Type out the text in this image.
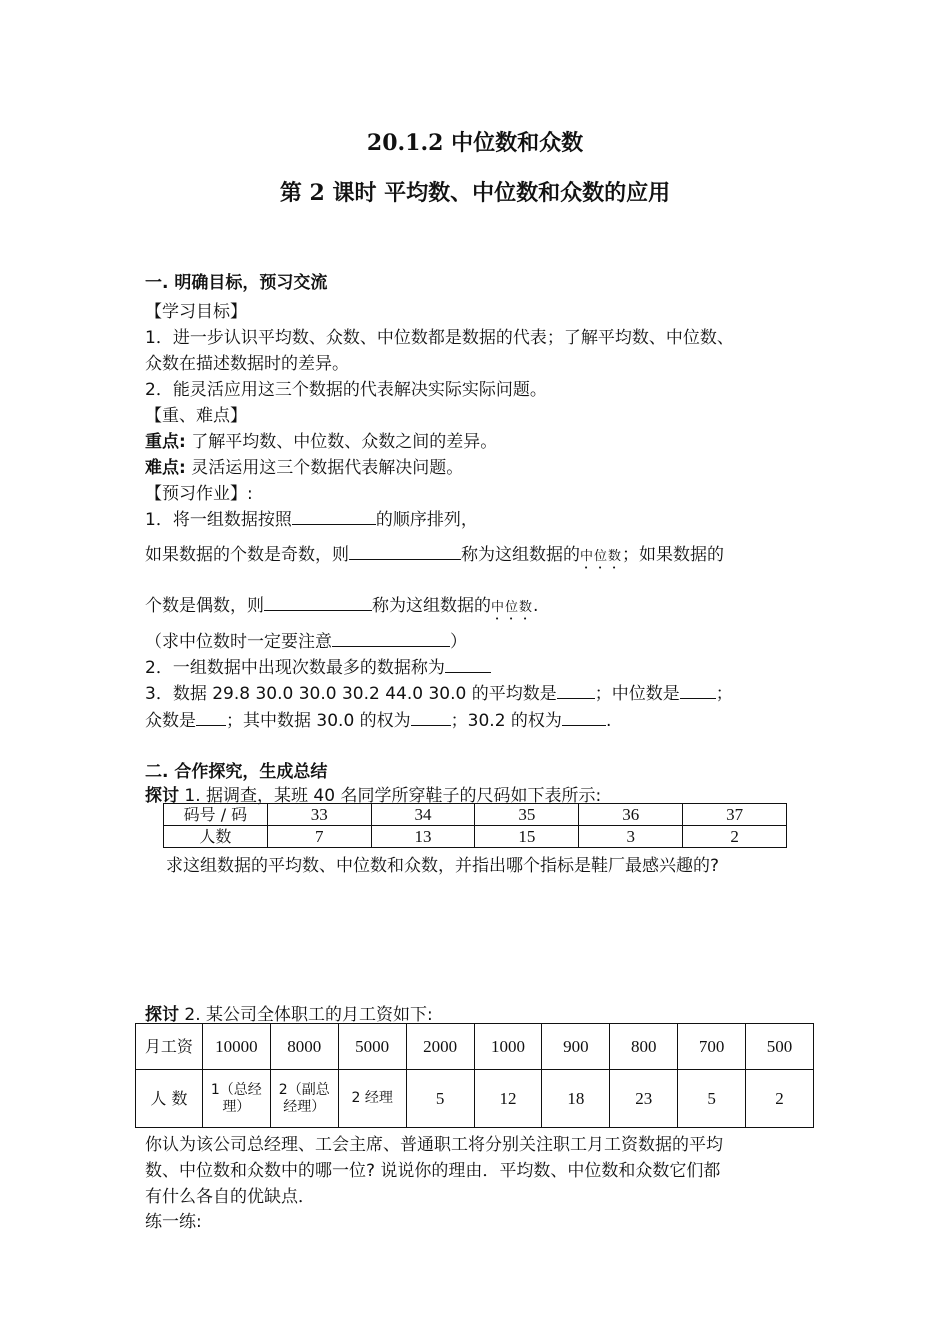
20.1.2 中位数和众数
第 2 课时 平均数、中位数和众数的应用
一. 明确目标，预习交流
【学习目标】
1．进一步认识平均数、众数、中位数都是数据的代表；了解平均数、中位数、
众数在描述数据时的差异。
2．能灵活应用这三个数据的代表解决实际实际问题。
【重、难点】
重点: 了解平均数、中位数、众数之间的差异。
难点: 灵活运用这三个数据代表解决问题。
【预习作业】:
1．将一组数据按照	的顺序排列，
如果数据的个数是奇数，则	称为这组数据的中位数；如果数据的
个数是偶数，则	称为这组数据的中位数.
（求中位数时一定要注意	）
2．一组数据中出现次数最多的数据称为
3．数据 29.8 30.0 30.0 30.2 44.0 30.0 的平均数是 ；中位数是 ；
众数是 ；其中数据 30.0 的权为 ；30.2 的权为	.
二. 合作探究，生成总结
探讨 1. 据调查，某班 40 名同学所穿鞋子的尺码如下表所示:
码号 / 码	33	34	35	36	37
人数	7	13	15	3	2
求这组数据的平均数、中位数和众数，并指出哪个指标是鞋厂最感兴趣的?
探讨 2. 某公司全体职工的月工资如下:
月工资	10000	8000	5000	2000	1000	900	800	700	500
人 数	1（总经理）	2（副总经理）	2 经理	5	12	18	23	5	2
你认为该公司总经理、工会主席、普通职工将分别关注职工月工资数据的平均
数、中位数和众数中的哪一位? 说说你的理由．平均数、中位数和众数它们都
有什么各自的优缺点．
练一练:
